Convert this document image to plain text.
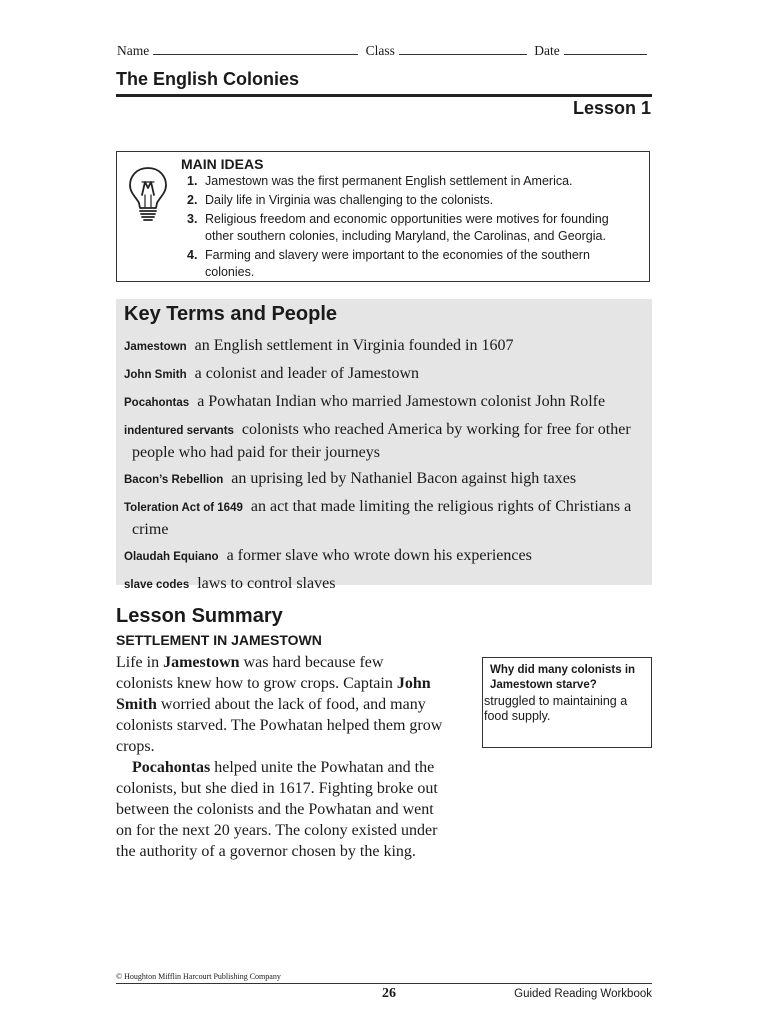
Name	Class	Date
The English Colonies
Lesson 1
MAIN IDEAS
1. Jamestown was the first permanent English settlement in America.
2. Daily life in Virginia was challenging to the colonists.
3. Religious freedom and economic opportunities were motives for founding other southern colonies, including Maryland, the Carolinas, and Georgia.
4. Farming and slavery were important to the economies of the southern colonies.
Key Terms and People
Jamestown an English settlement in Virginia founded in 1607
John Smith a colonist and leader of Jamestown
Pocahontas a Powhatan Indian who married Jamestown colonist John Rolfe
indentured servants colonists who reached America by working for free for other people who had paid for their journeys
Bacon’s Rebellion an uprising led by Nathaniel Bacon against high taxes
Toleration Act of 1649 an act that made limiting the religious rights of Christians a crime
Olaudah Equiano a former slave who wrote down his experiences
slave codes laws to control slaves
Lesson Summary
SETTLEMENT IN JAMESTOWN

Life in Jamestown was hard because few colonists knew how to grow crops. Captain John Smith worried about the lack of food, and many colonists starved. The Powhatan helped them grow crops.

Pocahontas helped unite the Powhatan and the colonists, but she died in 1617. Fighting broke out between the colonists and the Powhatan and went on for the next 20 years. The colony existed under the authority of a governor chosen by the king.

Why did many colonists in Jamestown starve?
struggled to maintaining a food supply.
© Houghton Mifflin Harcourt Publishing Company
26	Guided Reading Workbook
